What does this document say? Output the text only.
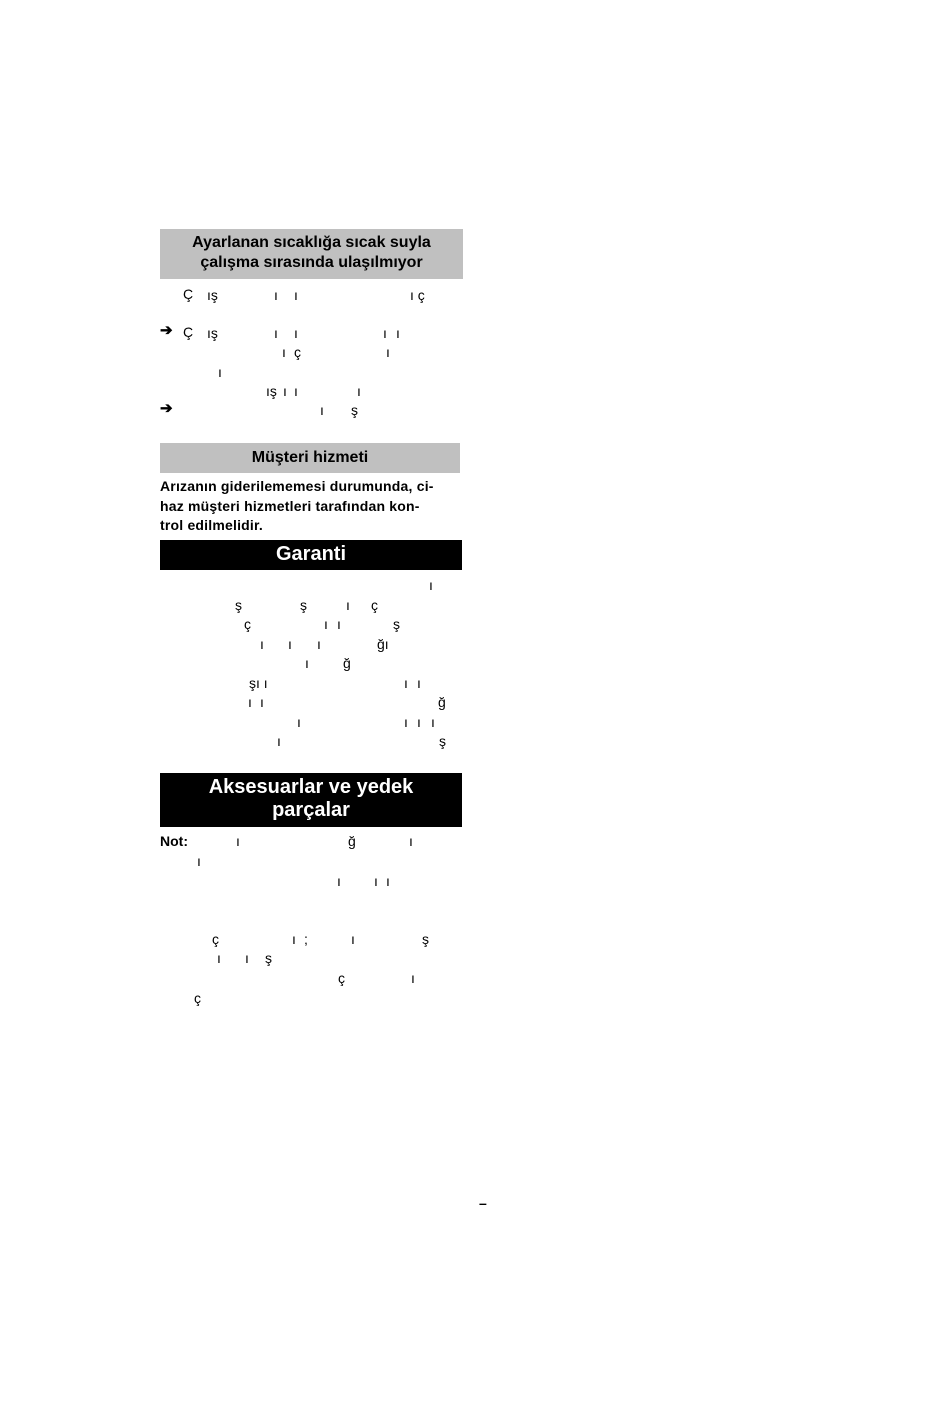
Ayarlanan sıcaklığa sıcak suyla
çalışma sırasında ulaşılmıyor
Ç ış	ı ı	ı ç
➔ Ç ış	ı ı	ı ı
ı ç	ı
ı
ış ı ı	ı
➔	ı ş
Müşteri hizmeti
Arızanın giderilememesi durumunda, ci-
haz müşteri hizmetleri tarafından kon-
trol edilmelidir.
Garanti
ı
ş	ş	ı ç
ç	ı ı	ş
ı ı ı	ğı
ı ğ
şı ı	ı ı
ı ı	ğ
ı	ı ı ı
ı	ş
Aksesuarlar ve yedek
parçalar
Not:	ı	ğ	ı
ı
ı ı ı
ç	ı ;	ı	ş
ı ı ş
ç	ı
ç
–
